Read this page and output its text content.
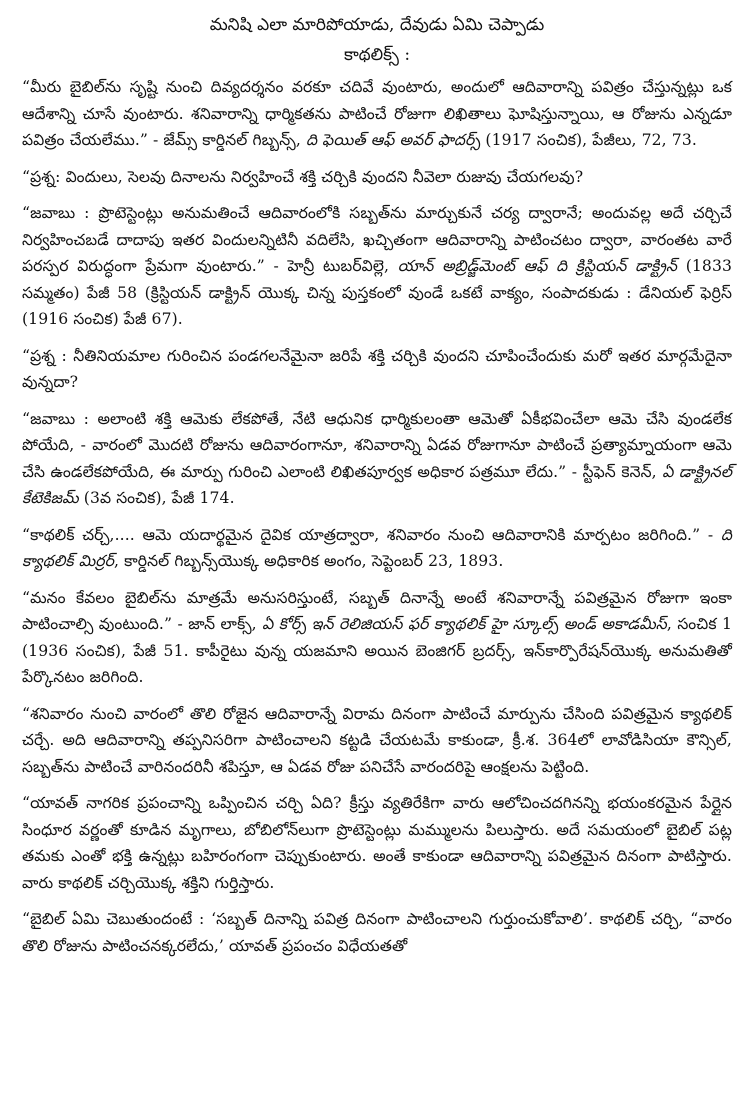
మనిషి ఎలా మారిపోయాడు, దేవుడు ఏమి చెప్పాడు
కాథలిక్స్ :

“మీరు బైబిల్‌ను సృష్టి నుంచి దివ్యదర్శనం వరకూ చదివే వుంటారు, అందులో ఆదివారాన్ని పవిత్రం చేస్తున్నట్లు ఒక ఆదేశాన్ని చూసే వుంటారు. శనివారాన్ని ధార్మికతను పాటించే రోజుగా లిఖితాలు ఘోషిస్తున్నాయి, ఆ రోజును ఎన్నడూ పవిత్రం చేయలేము.” - జేమ్స్ కార్డినల్ గిబ్బన్స్, ది ఫెయిత్ ఆఫ్ అవర్ ఫాదర్స్ (1917 సంచిక), పేజీలు, 72, 73.

“ప్రశ్న: విందులు, సెలవు దినాలను నిర్వహించే శక్తి చర్చికి వుందని నీవెలా రుజువు చేయగలవు?

“జవాబు : ప్రొటెస్టెంట్లు అనుమతించే ఆదివారంలోకి సబ్బత్‌ను మార్చుకునే చర్య ద్వారానే; అందువల్ల అదే చర్చిచే నిర్వహించబడే దాదాపు ఇతర విందులన్నిటినీ వదిలేసి, ఖచ్చితంగా ఆదివారాన్ని పాటించటం ద్వారా, వారంతట వారే పరస్పర విరుద్ధంగా ప్రేమగా వుంటారు.” - హెన్రీ టుబర్‌విల్లె, యాన్ అబ్రిడ్జ్‌మెంట్ ఆఫ్ ది క్రిస్టియన్ డాక్ట్రిన్ (1833 సమ్మతం) పేజీ 58 (క్రిస్టియన్ డాక్ట్రిన్ యొక్క చిన్న పుస్తకంలో వుండే ఒకటే వాక్యం, సంపాదకుడు : డేనియల్ ఫెర్రిస్ (1916 సంచిక) పేజీ 67).

“ప్రశ్న : నీతినియమాల గురించిన పండగలనేమైనా జరిపే శక్తి చర్చికి వుందని చూపించేందుకు మరో ఇతర మార్గమేదైనా వున్నదా?

“జవాబు : అలాంటి శక్తి ఆమెకు లేకపోతే, నేటి ఆధునిక ధార్మికులంతా ఆమెతో ఏకీభవించేలా ఆమె చేసి వుండలేక పోయేది, - వారంలో మొదటి రోజును ఆదివారంగానూ, శనివారాన్ని ఏడవ రోజుగానూ పాటించే ప్రత్యామ్నాయంగా ఆమె చేసి ఉండలేకపోయేది, ఈ మార్పు గురించి ఎలాంటి లిఖితపూర్వక అధికార పత్రమూ లేదు.” - స్టీఫెన్ కెనెన్, ఏ డాక్ట్రినల్ కేటెకిజమ్ (3వ సంచిక), పేజీ 174.

“కాథలిక్ చర్చ్,.... ఆమె యదార్థమైన దైవిక యాత్రద్వారా, శనివారం నుంచి ఆదివారానికి మార్పటం జరిగింది.” - ది క్యాథలిక్ మిర్రర్, కార్డినల్ గిబ్బన్స్‌యొక్క అధికారిక అంగం, సెప్టెంబర్ 23, 1893.

“మనం కేవలం బైబిల్‌ను మాత్రమే అనుసరిస్తుంటే, సబ్బత్ దినాన్నే అంటే శనివారాన్నే పవిత్రమైన రోజుగా ఇంకా పాటించాల్సి వుంటుంది.” - జాన్ లాక్స్, ఏ కోర్స్ ఇన్ రెలిజియస్ ఫర్ క్యాథలిక్ హై స్కూల్స్ అండ్ అకాడమీస్, సంచిక 1 (1936 సంచిక), పేజీ 51. కాపీరైటు వున్న యజమాని అయిన బెంజిగర్ బ్రదర్స్, ఇన్‌కార్పొరేషన్‌యొక్క అనుమతితో పేర్కొనటం జరిగింది.

“శనివారం నుంచి వారంలో తొలి రోజైన ఆదివారాన్నే విరామ దినంగా పాటించే మార్పును చేసింది పవిత్రమైన క్యాథలిక్ చర్చే. అది ఆదివారాన్ని తప్పనిసరిగా పాటించాలని కట్టడి చేయటమే కాకుండా, క్రీ.శ. 364లో లావోడిసియా కౌన్సిల్, సబ్బత్‌ను పాటించే వారినందరినీ శపిస్తూ, ఆ ఏడవ రోజు పనిచేసే వారందరిపై ఆంక్షలను పెట్టింది.

“యావత్ నాగరిక ప్రపంచాన్ని ఒప్పించిన చర్చి ఏది? క్రీస్తు వ్యతిరేకిగా వారు ఆలోచించదగినన్ని భయంకరమైన పేర్లైన సింధూర వర్ణంతో కూడిన మృగాలు, బోబిలోన్‌లుగా ప్రొటెస్టెంట్లు మమ్ములను పిలుస్తారు. అదే సమయంలో బైబిల్ పట్ల తమకు ఎంతో భక్తి ఉన్నట్లు బహిరంగంగా చెప్పుకుంటారు. అంతే కాకుండా ఆదివారాన్ని పవిత్రమైన దినంగా పాటిస్తారు. వారు కాథలిక్ చర్చియొక్క శక్తిని గుర్తిస్తారు.

“బైబిల్ ఏమి చెబుతుందంటే : ‘సబ్బత్ దినాన్ని పవిత్ర దినంగా పాటించాలని గుర్తుంచుకోవాలి’. కాథలిక్ చర్చి, “వారం తొలి రోజును పాటించనక్కరలేదు,’ యావత్ ప్రపంచం విధేయతతో
